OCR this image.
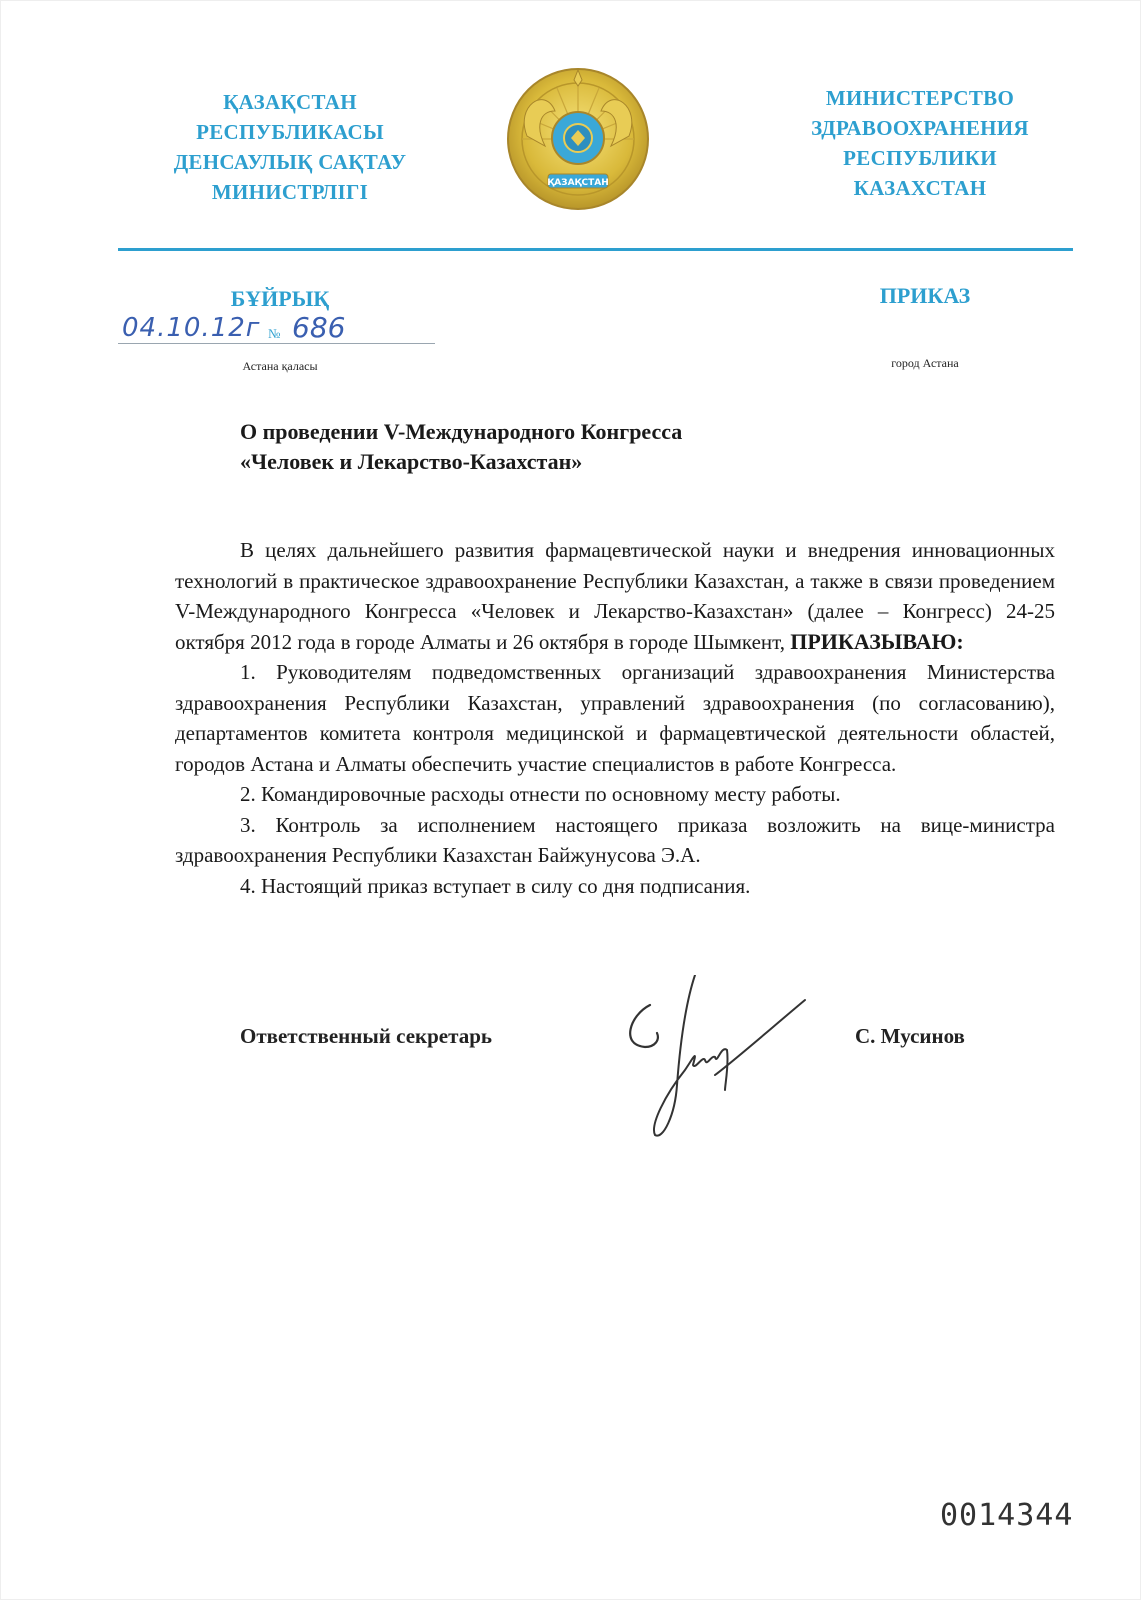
ҚАЗАҚСТАН
РЕСПУБЛИКАСЫ
ДЕНСАУЛЫҚ САҚТАУ
МИНИСТРЛІГІ	ҚАЗАҚСТАН
МИНИСТЕРСТВО
ЗДРАВООХРАНЕНИЯ
РЕСПУБЛИКИ
КАЗАХСТАН
БҰЙРЫҚ	ПРИКАЗ
04.10.12г № 686
Астана қаласы	город Астана
О проведении V-Международного Конгресса
«Человек и Лекарство-Казахстан»

В целях дальнейшего развития фармацевтической науки и внедрения инновационных технологий в практическое здравоохранение Республики Казахстан, а также в связи проведением V-Международного Конгресса «Человек и Лекарство-Казахстан» (далее – Конгресс) 24-25 октября 2012 года в городе Алматы и 26 октября в городе Шымкент, ПРИКАЗЫВАЮ:

1. Руководителям подведомственных организаций здравоохранения Министерства здравоохранения Республики Казахстан, управлений здравоохранения (по согласованию), департаментов комитета контроля медицинской и фармацевтической деятельности областей, городов Астана и Алматы обеспечить участие специалистов в работе Конгресса.

2. Командировочные расходы отнести по основному месту работы.

3. Контроль за исполнением настоящего приказа возложить на вице-министра здравоохранения Республики Казахстан Байжунусова Э.А.

4. Настоящий приказ вступает в силу со дня подписания.

Ответственный секретарь	С. Мусинов
0014344
